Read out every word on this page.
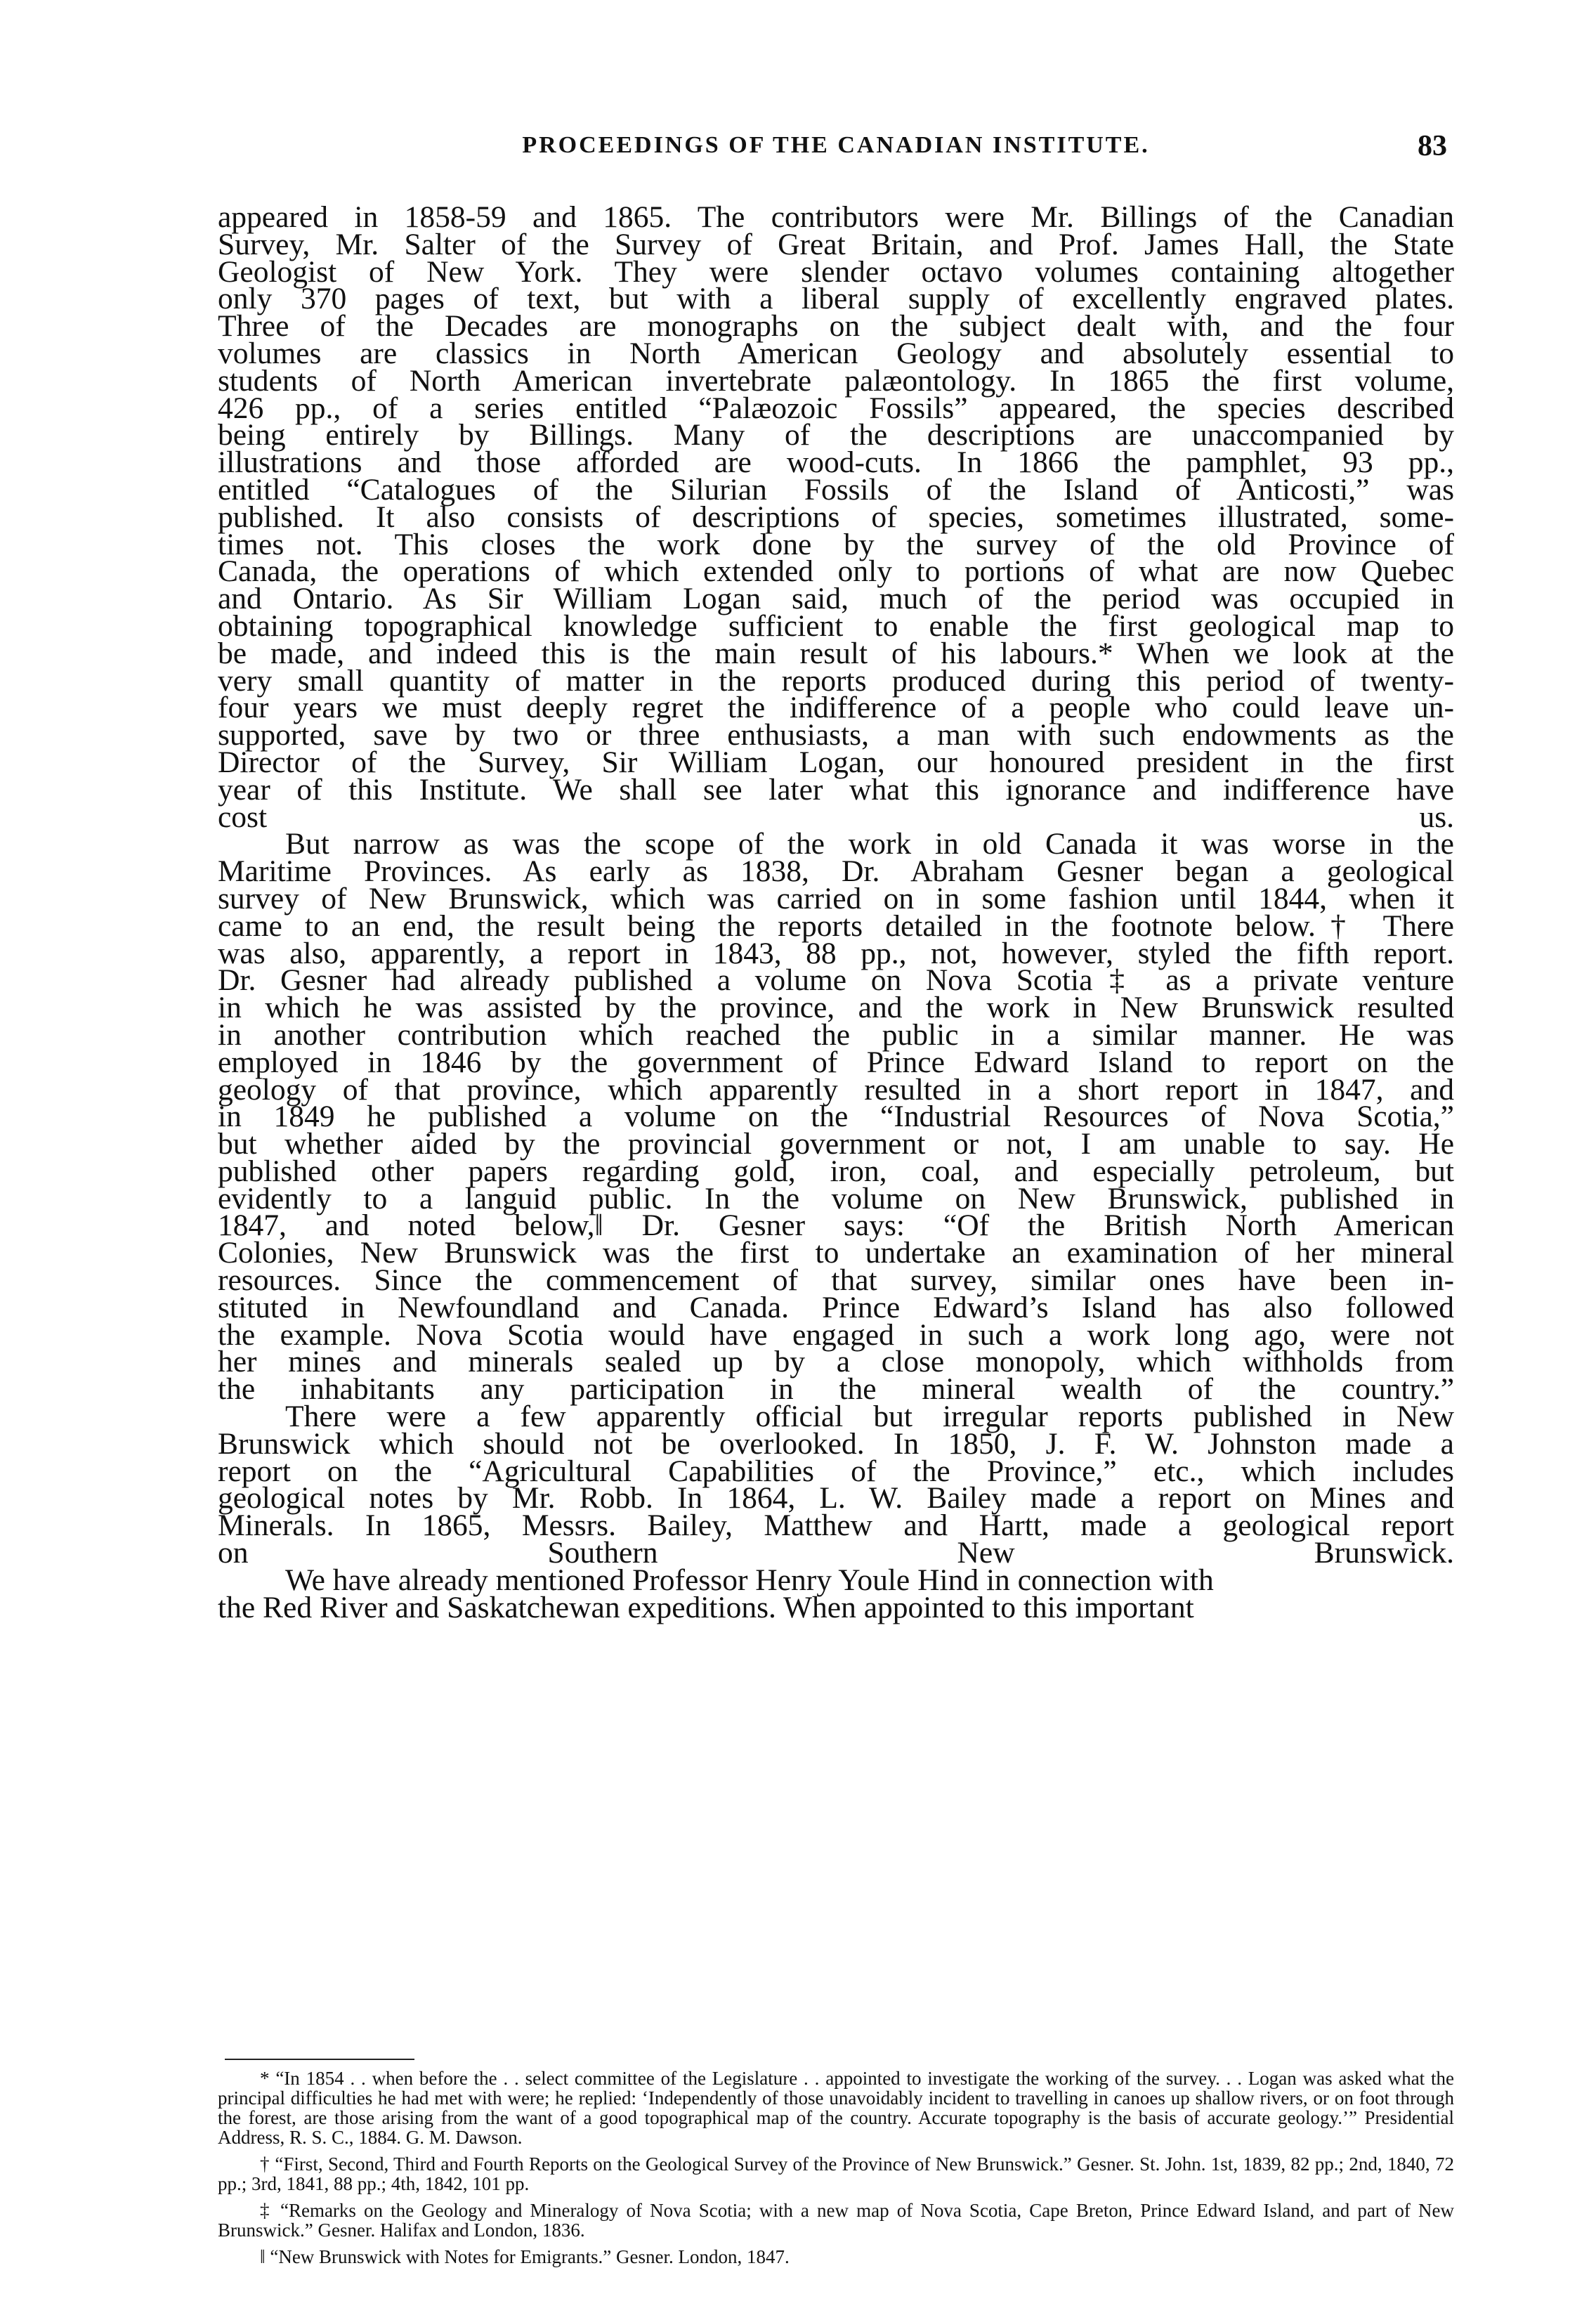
PROCEEDINGS OF THE CANADIAN INSTITUTE.	83

appeared in 1858-59 and 1865. The contributors were Mr. Billings of the Canadian
Survey, Mr. Salter of the Survey of Great Britain, and Prof. James Hall, the State
Geologist of New York. They were slender octavo volumes containing altogether
only 370 pages of text, but with a liberal supply of excellently engraved plates.
Three of the Decades are monographs on the subject dealt with, and the four
volumes are classics in North American Geology and absolutely essential to
students of North American invertebrate palæontology. In 1865 the first volume,
426 pp., of a series entitled “Palæozoic Fossils” appeared, the species described
being entirely by Billings. Many of the descriptions are unaccompanied by
illustrations and those afforded are wood-cuts. In 1866 the pamphlet, 93 pp.,
entitled “Catalogues of the Silurian Fossils of the Island of Anticosti,” was
published. It also consists of descriptions of species, sometimes illustrated, some-
times not. This closes the work done by the survey of the old Province of
Canada, the operations of which extended only to portions of what are now Quebec
and Ontario. As Sir William Logan said, much of the period was occupied in
obtaining topographical knowledge sufficient to enable the first geological map to
be made, and indeed this is the main result of his labours.* When we look at the
very small quantity of matter in the reports produced during this period of twenty-
four years we must deeply regret the indifference of a people who could leave un-
supported, save by two or three enthusiasts, a man with such endowments as the
Director of the Survey, Sir William Logan, our honoured president in the first
year of this Institute. We shall see later what this ignorance and indifference have
cost us.

But narrow as was the scope of the work in old Canada it was worse in the
Maritime Provinces. As early as 1838, Dr. Abraham Gesner began a geological
survey of New Brunswick, which was carried on in some fashion until 1844, when it
came to an end, the result being the reports detailed in the footnote below.† There
was also, apparently, a report in 1843, 88 pp., not, however, styled the fifth report.
Dr. Gesner had already published a volume on Nova Scotia‡ as a private venture
in which he was assisted by the province, and the work in New Brunswick resulted
in another contribution which reached the public in a similar manner. He was
employed in 1846 by the government of Prince Edward Island to report on the
geology of that province, which apparently resulted in a short report in 1847, and
in 1849 he published a volume on the “Industrial Resources of Nova Scotia,”
but whether aided by the provincial government or not, I am unable to say. He
published other papers regarding gold, iron, coal, and especially petroleum, but
evidently to a languid public. In the volume on New Brunswick, published in
1847, and noted below,‖ Dr. Gesner says: “Of the British North American
Colonies, New Brunswick was the first to undertake an examination of her mineral
resources. Since the commencement of that survey, similar ones have been in-
stituted in Newfoundland and Canada. Prince Edward’s Island has also followed
the example. Nova Scotia would have engaged in such a work long ago, were not
her mines and minerals sealed up by a close monopoly, which withholds from
the inhabitants any participation in the mineral wealth of the country.”

There were a few apparently official but irregular reports published in New
Brunswick which should not be overlooked. In 1850, J. F. W. Johnston made a
report on the “Agricultural Capabilities of the Province,” etc., which includes
geological notes by Mr. Robb. In 1864, L. W. Bailey made a report on Mines and
Minerals. In 1865, Messrs. Bailey, Matthew and Hartt, made a geological report
on Southern New Brunswick.

We have already mentioned Professor Henry Youle Hind in connection with
the Red River and Saskatchewan expeditions. When appointed to this important

* “In 1854 . . when before the . . select committee of the Legislature . . appointed to investigate the working of the survey. . . Logan was asked what the principal difficulties he had met with were; he replied: ‘Independently of those unavoidably incident to travelling in canoes up shallow rivers, or on foot through the forest, are those arising from the want of a good topographical map of the country. Accurate topography is the basis of accurate geology.’” Presidential Address, R. S. C., 1884. G. M. Dawson.

† “First, Second, Third and Fourth Reports on the Geological Survey of the Province of New Brunswick.” Gesner. St. John. 1st, 1839, 82 pp.; 2nd, 1840, 72 pp.; 3rd, 1841, 88 pp.; 4th, 1842, 101 pp.

‡ “Remarks on the Geology and Mineralogy of Nova Scotia; with a new map of Nova Scotia, Cape Breton, Prince Edward Island, and part of New Brunswick.” Gesner. Halifax and London, 1836.

‖ “New Brunswick with Notes for Emigrants.” Gesner. London, 1847.
